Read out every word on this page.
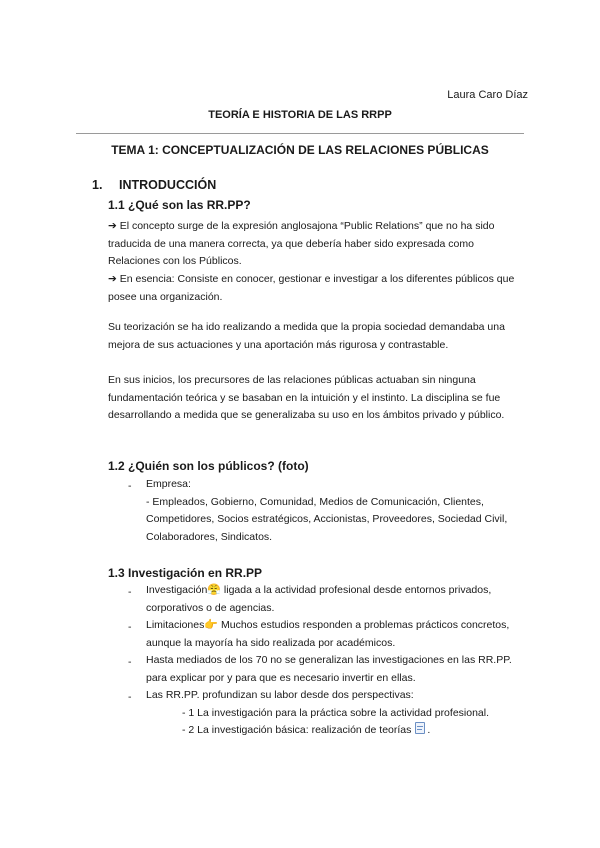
Laura Caro Díaz
TEORÍA E HISTORIA DE LAS RRPP
TEMA 1: CONCEPTUALIZACIÓN DE LAS RELACIONES PÚBLICAS
1. INTRODUCCIÓN
1.1 ¿Qué son las RR.PP?
➔ El concepto surge de la expresión anglosajona “Public Relations” que no ha sido traducida de una manera correcta, ya que debería haber sido expresada como Relaciones con los Públicos.
➔ En esencia: Consiste en conocer, gestionar e investigar a los diferentes públicos que posee una organización.
Su teorización se ha ido realizando a medida que la propia sociedad demandaba una mejora de sus actuaciones y una aportación más rigurosa y contrastable.
En sus inicios, los precursores de las relaciones públicas actuaban sin ninguna fundamentación teórica y se basaban en la intuición y el instinto. La disciplina se fue desarrollando a medida que se generalizaba su uso en los ámbitos privado y público.
1.2 ¿Quién son los públicos? (foto)
- Empresa:
- Empleados, Gobierno, Comunidad, Medios de Comunicación, Clientes, Competidores, Socios estratégicos, Accionistas, Proveedores, Sociedad Civil, Colaboradores, Sindicatos.
1.3 Investigación en RR.PP
- Investigación😤 ligada a la actividad profesional desde entornos privados, corporativos o de agencias.
- Limitaciones👉 Muchos estudios responden a problemas prácticos concretos, aunque la mayoría ha sido realizada por académicos.
- Hasta mediados de los 70 no se generalizan las investigaciones en las RR.PP. para explicar por y para que es necesario invertir en ellas.
- Las RR.PP. profundizan su labor desde dos perspectivas:
- 1 La investigación para la práctica sobre la actividad profesional.
- 2 La investigación básica: realización de teorías .
